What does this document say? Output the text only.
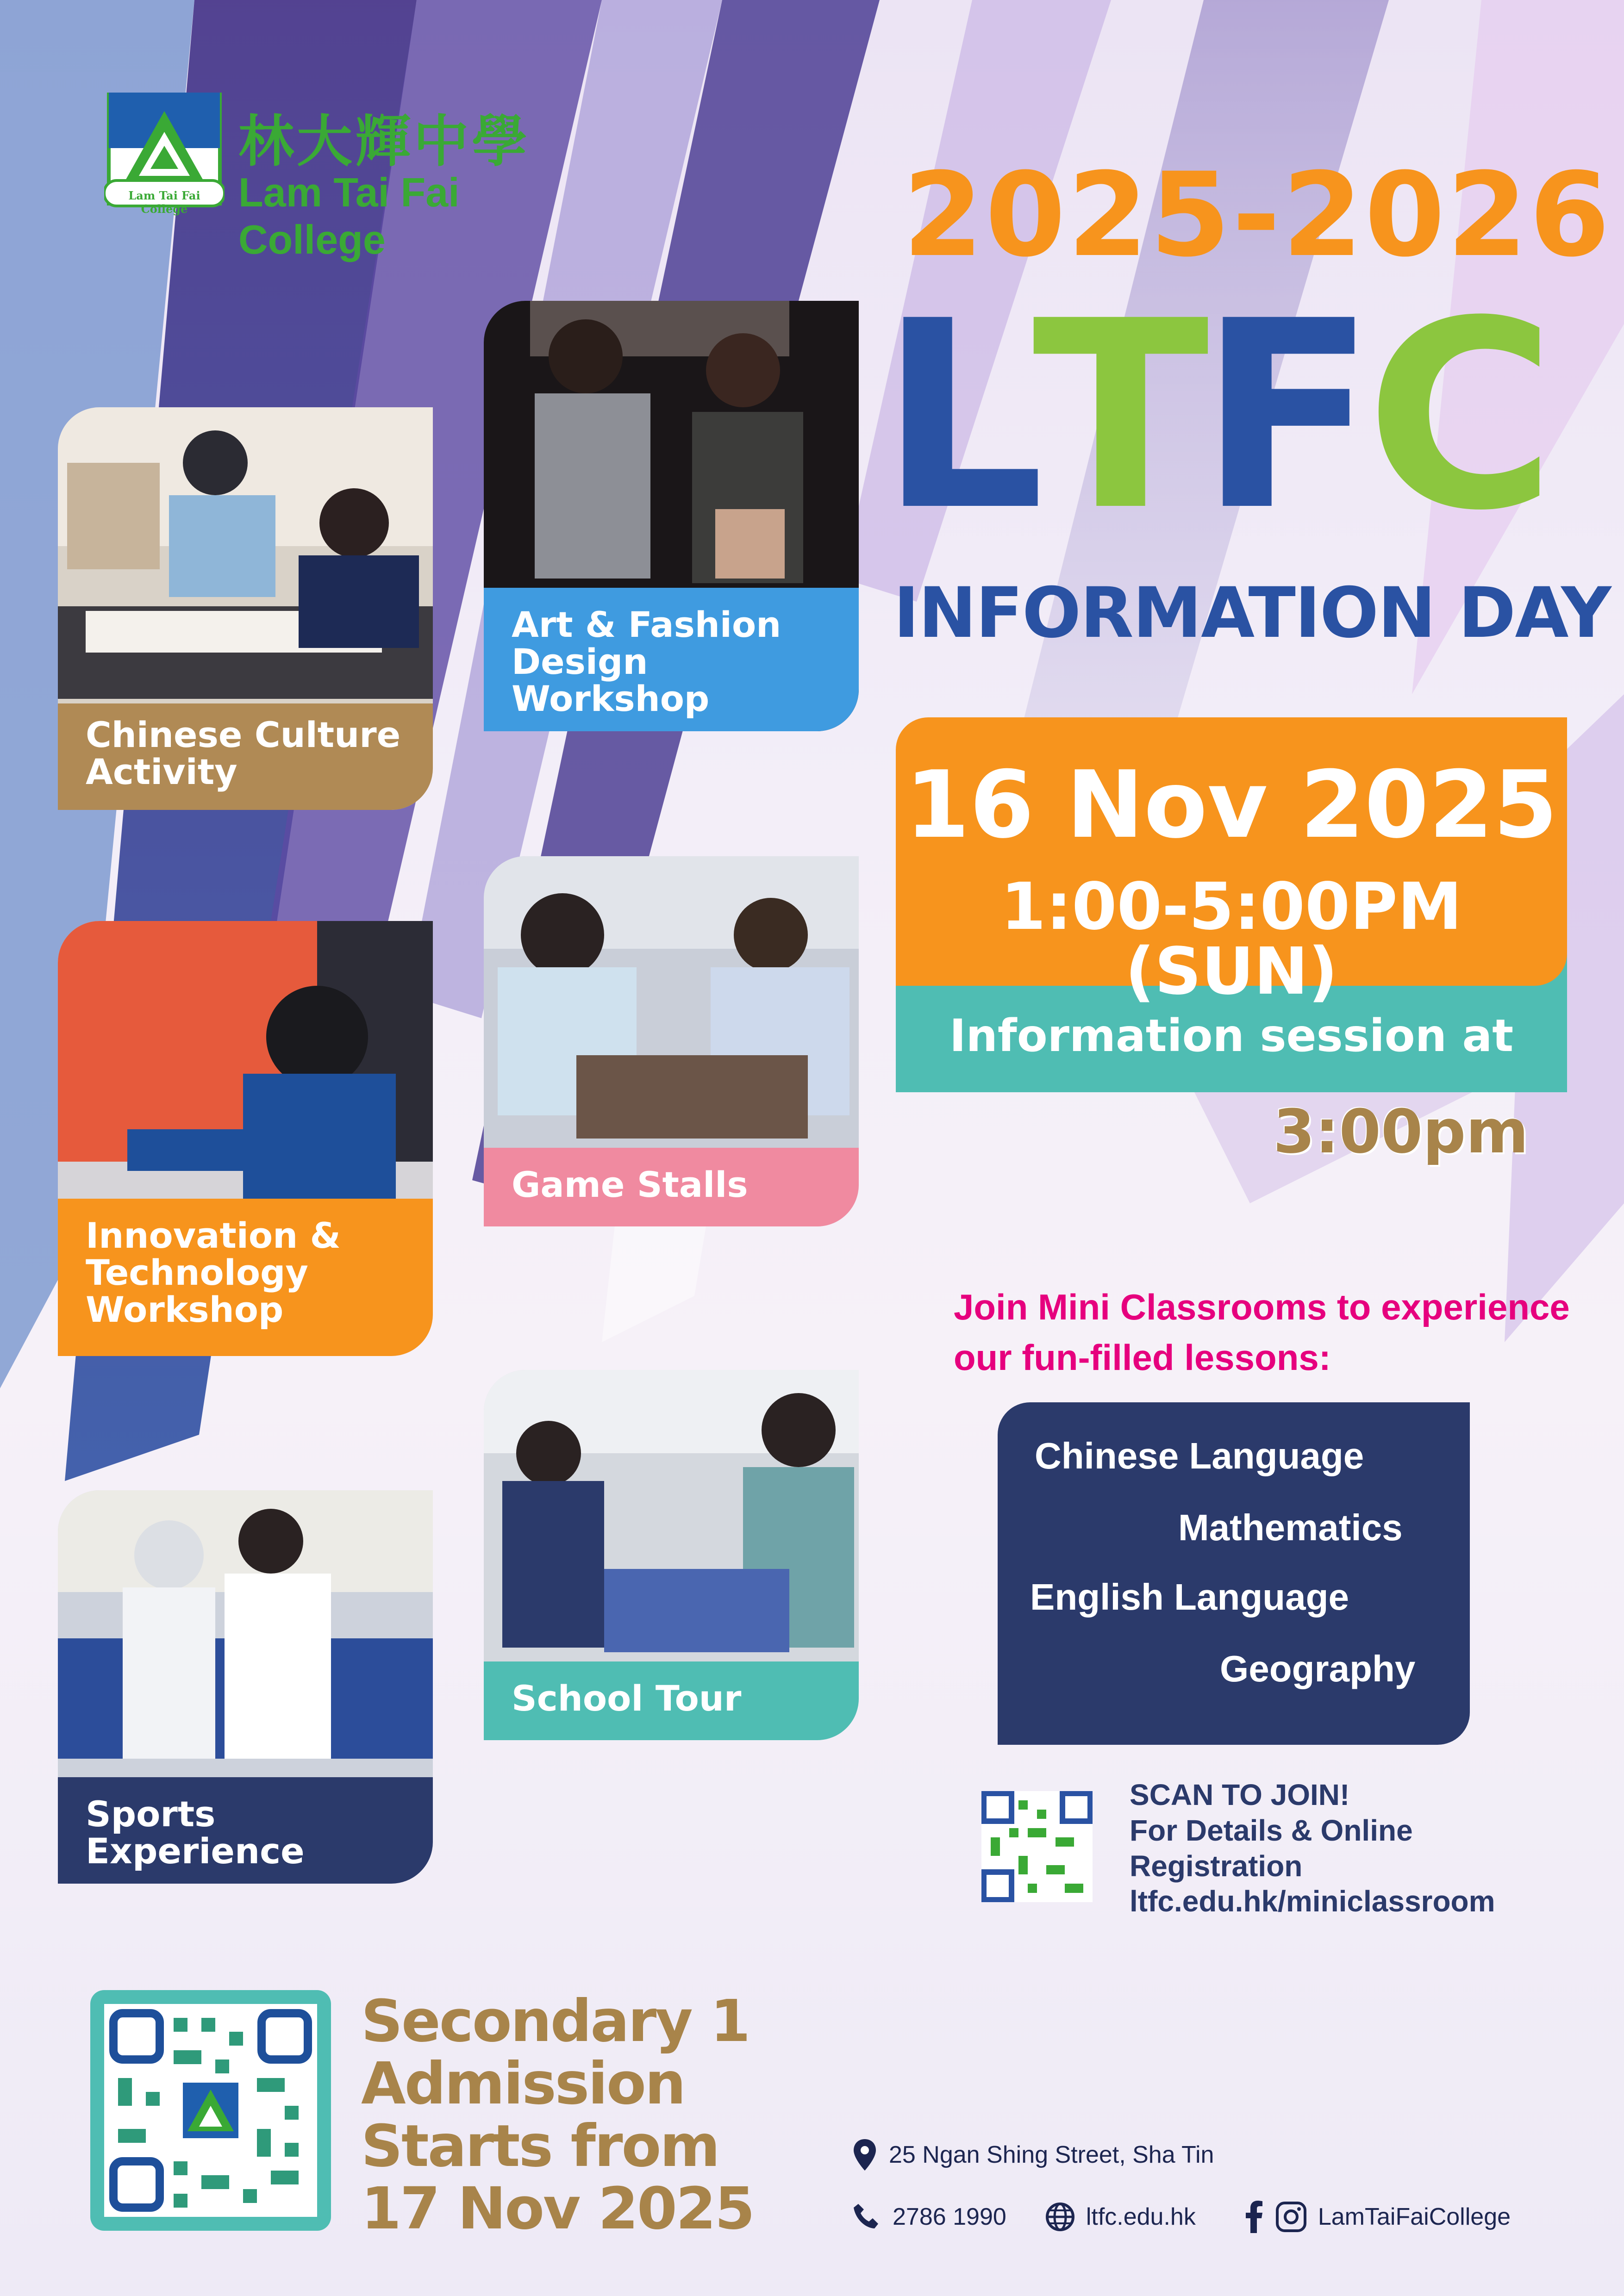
Lam Tai Fai College
林大輝中學
Lam Tai Fai College	2025-2026
L
T
F
C
INFORMATION DAY
16 Nov 2025
1:00-5:00PM (SUN)
Information session at
3:00pm
Chinese Culture
Activity
Art & Fashion
Design
Workshop
Game Stalls
Innovation &
Technology
Workshop
School Tour
Sports
Experience
Join Mini Classrooms to experience
our fun-filled lessons:
Chinese Language
Mathematics
English Language
Geography
SCAN TO JOIN!
For Details & Online
Registration
ltfc.edu.hk/miniclassroom
Secondary 1
Admission
Starts from
17 Nov 2025
25 Ngan Shing Street, Sha Tin
2786 1990	ltfc.edu.hk	LamTaiFaiCollege
